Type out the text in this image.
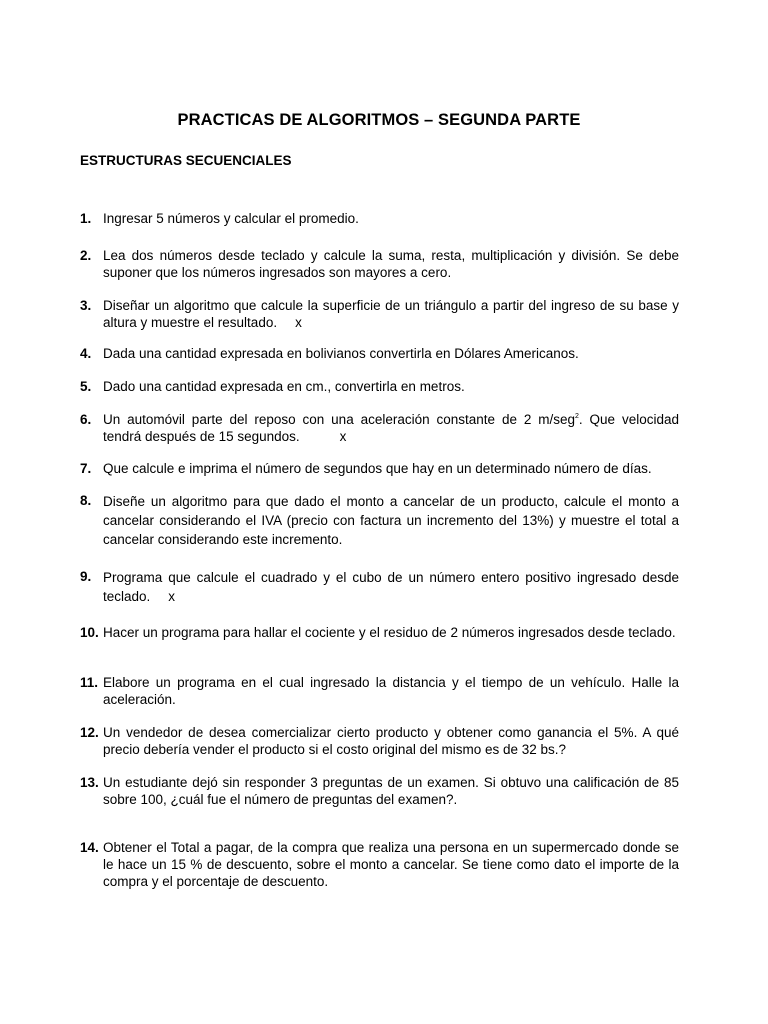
PRACTICAS DE ALGORITMOS – SEGUNDA PARTE
ESTRUCTURAS SECUENCIALES
1. Ingresar 5 números y calcular el promedio.
2. Lea dos números desde teclado y calcule la suma, resta, multiplicación y división. Se debe suponer que los números ingresados son mayores a cero.
3. Diseñar un algoritmo que calcule la superficie de un triángulo a partir del ingreso de su base y altura y muestre el resultado. x
4. Dada una cantidad expresada en bolivianos convertirla en Dólares Americanos.
5. Dado una cantidad expresada en cm., convertirla en metros.
6. Un automóvil parte del reposo con una aceleración constante de 2 m/seg$^2$. Que velocidad tendrá después de 15 segundos.	x
7. Que calcule e imprima el número de segundos que hay en un determinado número de días.
8. Diseñe un algoritmo para que dado el monto a cancelar de un producto, calcule el monto a cancelar considerando el IVA (precio con factura un incremento del 13%) y muestre el total a cancelar considerando este incremento.
9. Programa que calcule el cuadrado y el cubo de un número entero positivo ingresado desde teclado. x
10. Hacer un programa para hallar el cociente y el residuo de 2 números ingresados desde teclado.
11. Elabore un programa en el cual ingresado la distancia y el tiempo de un vehículo. Halle la aceleración.
12. Un vendedor de desea comercializar cierto producto y obtener como ganancia el 5%. A qué precio debería vender el producto si el costo original del mismo es de 32 bs.?
13. Un estudiante dejó sin responder 3 preguntas de un examen. Si obtuvo una calificación de 85 sobre 100, ¿cuál fue el número de preguntas del examen?.
14. Obtener el Total a pagar, de la compra que realiza una persona en un supermercado donde se le hace un 15 % de descuento, sobre el monto a cancelar. Se tiene como dato el importe de la compra y el porcentaje de descuento.
